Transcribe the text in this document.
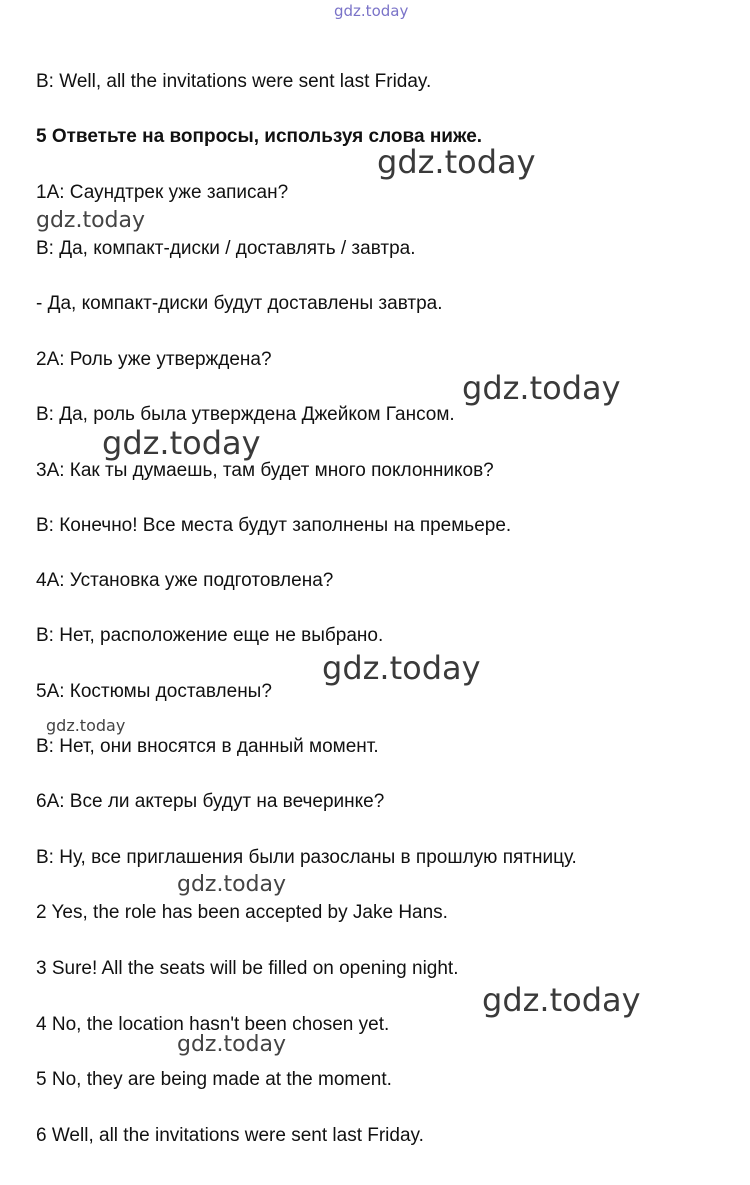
gdz.today
gdz.today
gdz.today
gdz.today
gdz.today
gdz.today
gdz.today
gdz.today
gdz.today
gdz.today
B: Well, all the invitations were sent last Friday.
5 Ответьте на вопросы, используя слова ниже.
1А: Саундтрек уже записан?
В: Да, компакт-диски / доставлять / завтра.
- Да, компакт-диски будут доставлены завтра.
2А: Роль уже утверждена?
В: Да, роль была утверждена Джейком Гансом.
3А: Как ты думаешь, там будет много поклонников?
В: Конечно! Все места будут заполнены на премьере.
4А: Установка уже подготовлена?
В: Нет, расположение еще не выбрано.
5А: Костюмы доставлены?
В: Нет, они вносятся в данный момент.
6А: Все ли актеры будут на вечеринке?
В: Ну, все приглашения были разосланы в прошлую пятницу.
2 Yes, the role has been accepted by Jake Hans.
3 Sure! All the seats will be filled on opening night.
4 No, the location hasn't been chosen yet.
5 No, they are being made at the moment.
6 Well, all the invitations were sent last Friday.
